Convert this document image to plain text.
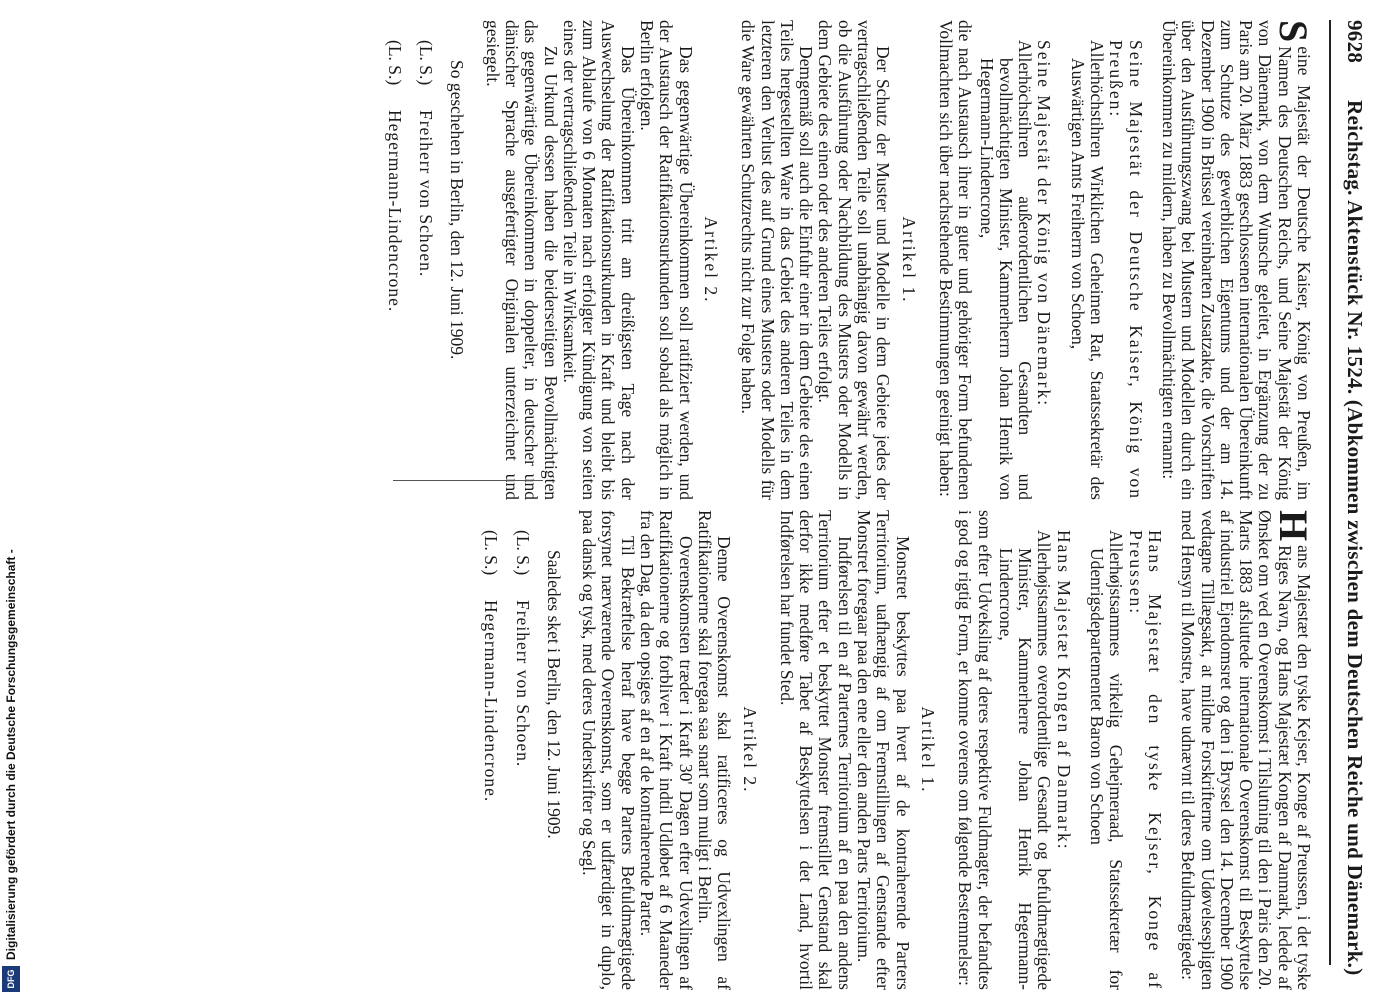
9628
Reichstag. Aktenstück Nr. 1524. (Abkommen zwischen dem Deutschen Reiche und Dänemark.)

S
eine Majestät der Deutsche Kaiser, König von Preußen, im Namen des Deutschen Reichs, und Seine Majestät der König von Dänemark, von dem Wunsche geleitet, in Ergänzung der zu Paris am 20. März 1883 geschlossenen internationalen Übereinkunft zum Schutze des gewerblichen Eigentums und der am 14. Dezember 1900 in Brüssel vereinbarten Zusatzakte, die Vorschriften über den Ausführungszwang bei Mustern und Modellen durch ein Übereinkommen zu mildern, haben zu Bevollmächtigten ernannt:

Seine Majestät der Deutsche Kaiser, König von Preußen:

Allerhöchstihren Wirklichen Geheimen Rat, Staatssekretär des Auswärtigen Amts Freiherrn von Schoen,

Seine Majestät der König von Dänemark:

Allerhöchstihren außerordentlichen Gesandten und bevollmächtigten Minister, Kammerherrn Johan Henrik von Hegermann-Lindencrone,

die nach Austausch ihrer in guter und gehöriger Form befundenen Vollmachten sich über nachstehende Bestimmungen geeinigt haben:

Artikel 1.

Der Schutz der Muster und Modelle in dem Gebiete jedes der vertragschließenden Teile soll unabhängig davon gewährt werden, ob die Ausführung oder Nachbildung des Musters oder Modells in dem Gebiete des einen oder des anderen Teiles erfolgt.

Demgemäß soll auch die Einfuhr einer in dem Gebiete des einen Teiles hergestellten Ware in das Gebiet des anderen Teiles in dem letzteren den Verlust des auf Grund eines Musters oder Modells für die Ware gewährten Schutzrechts nicht zur Folge haben.

Artikel 2.

Das gegenwärtige Übereinkommen soll ratifiziert werden, und der Austausch der Ratifikationsurkunden soll sobald als möglich in Berlin erfolgen.

Das Übereinkommen tritt am dreißigsten Tage nach der Auswechselung der Ratifikationsurkunden in Kraft und bleibt bis zum Ablaufe von 6 Monaten nach erfolgter Kündigung von seiten eines der vertragschließenden Teile in Wirksamkeit.

Zu Urkund dessen haben die beiderseitigen Bevollmächtigten das gegenwärtige Übereinkommen in doppelter, in deutscher und dänischer Sprache ausgefertigter Originalen unterzeichnet und gesiegelt.

So geschehen in Berlin, den 12. Juni 1909.

(L. S.)Freiherr von Schoen.

(L. S.)Hegermann-Lindencrone.

H
ans Majestæt den tyske Kejser, Konge af Preussen, i det tyske Riges Navn, og Hans Majestæt Kongen af Danmark, ledede af Ønsket om ved en Overenskomst i Tilslutning til den i Paris den 20. Marts 1883 afsluttede internationale Overenskomst til Beskyttelse af industriel Ejendomsret og den i Bryssel den 14. December 1900 vedtagne Tillægsakt, at mildne Forskrifterne om Udøvelsespligten med Hensyn til Monstre, have udnævnt til deres Befuldmægtigede:

Hans Majestæt den tyske Kejser, Konge af Preussen:

Allerhøjstsammes virkelig Gehejmeraad, Statssekretær for Udenrigsdepartementet Baron von Schoen

Hans Majestæt Kongen af Danmark:

Allerhøjstsammes overordentlige Gesandt og befuldmægtigede Minister, Kammerherre Johan Henrik Hegermann-Lindencrone,

som efter Udveksling af deres respektive Fuldmagter, der befandtes i god og rigtig Form, er komne overens om følgende Bestemmelser:

Artikel 1.

Monstret beskyttes paa hvert af de kontraherende Parters Territorium, uafhængig af om Fremstillingen af Genstande efter Monstret foregaar paa den ene eller den anden Parts Territorium.

Indførelsen til en af Parternes Territorium af en paa den andens Territorium efter et beskyttet Monster fremstillet Genstand skal derfor ikke medføre Tabet af Beskyttelsen i det Land, hvortil Indførelsen har fundet Sted.

Artikel 2.

Denne Overenskomst skal ratificeres og Udvexlingen af Ratifikationerne skal foregaa saa snart som muligt i Berlin.

Overenskomsten træder i Kraft 30' Dagen efter Udvexlingen af Ratifikationerne og forbliver i Kraft indtil Udløbet af 6 Maaneder fra den Dag, da den opsiges af en af de kontraherende Parter.

Til Bekræftelse heraf have begge Parters Befuldmægtigede forsynet nærværende Overenskomst, som er udfærdiget in duplo, paa dansk og tysk, med deres Underskrifter og Segl.

Saaledes sket i Berlin, den 12. Juni 1909.

(L. S.)Freiherr von Schoen.

(L. S.)Hegermann-Lindencrone.

DFG
Digitalisierung gefördert durch die Deutsche Forschungsgemeinschaft -
